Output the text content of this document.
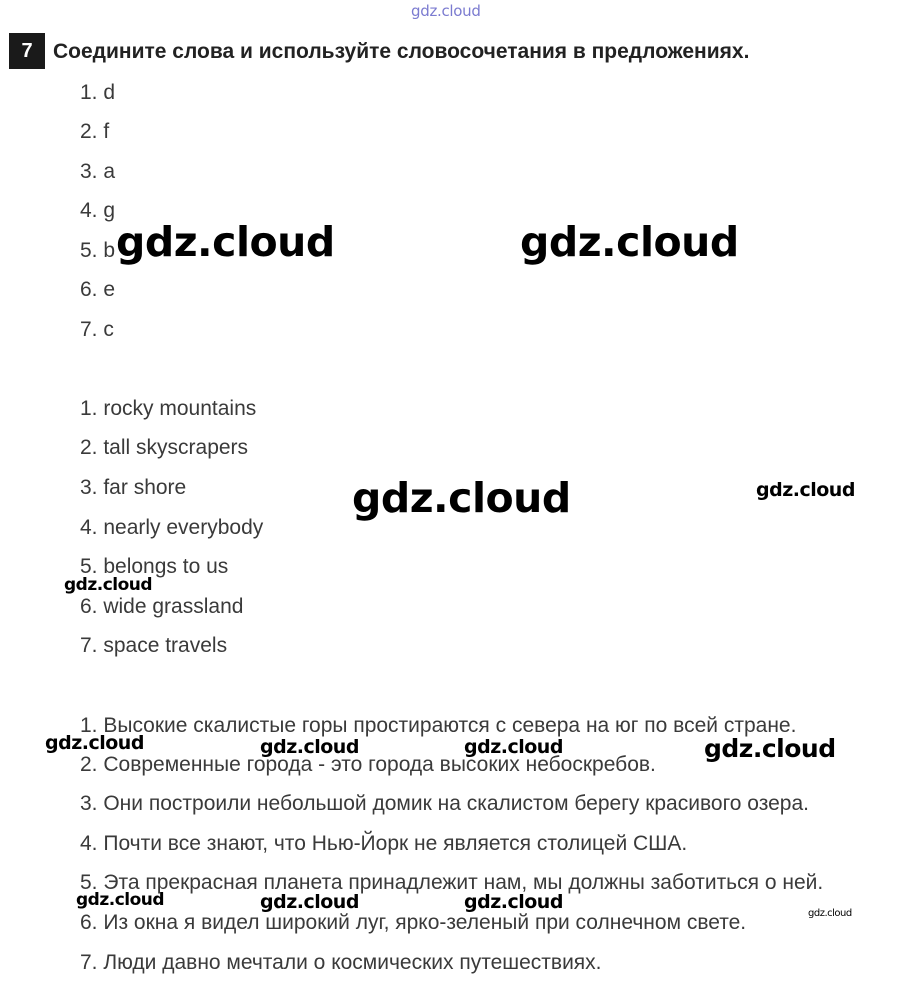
gdz.cloud
7 Соедините слова и используйте словосочетания в предложениях.
1. d
2. f
3. a
4. g
5. b
6. e
7. c
1. rocky mountains
2. tall skyscrapers
3. far shore
4. nearly everybody
5. belongs to us
6. wide grassland
7. space travels
1. Высокие скалистые горы простираются с севера на юг по всей стране.
2. Современные города - это города высоких небоскребов.
3. Они построили небольшой домик на скалистом берегу красивого озера.
4. Почти все знают, что Нью-Йорк не является столицей США.
5. Эта прекрасная планета принадлежит нам, мы должны заботиться о ней.
6. Из окна я видел широкий луг, ярко-зеленый при солнечном свете.
7. Люди давно мечтали о космических путешествиях.
gdz.cloud	gdz.cloud
gdz.cloud	gdz.cloud
gdz.cloud
gdz.cloud	gdz.cloud	gdz.cloud	gdz.cloud
gdz.cloud	gdz.cloud	gdz.cloud
gdz.cloud
